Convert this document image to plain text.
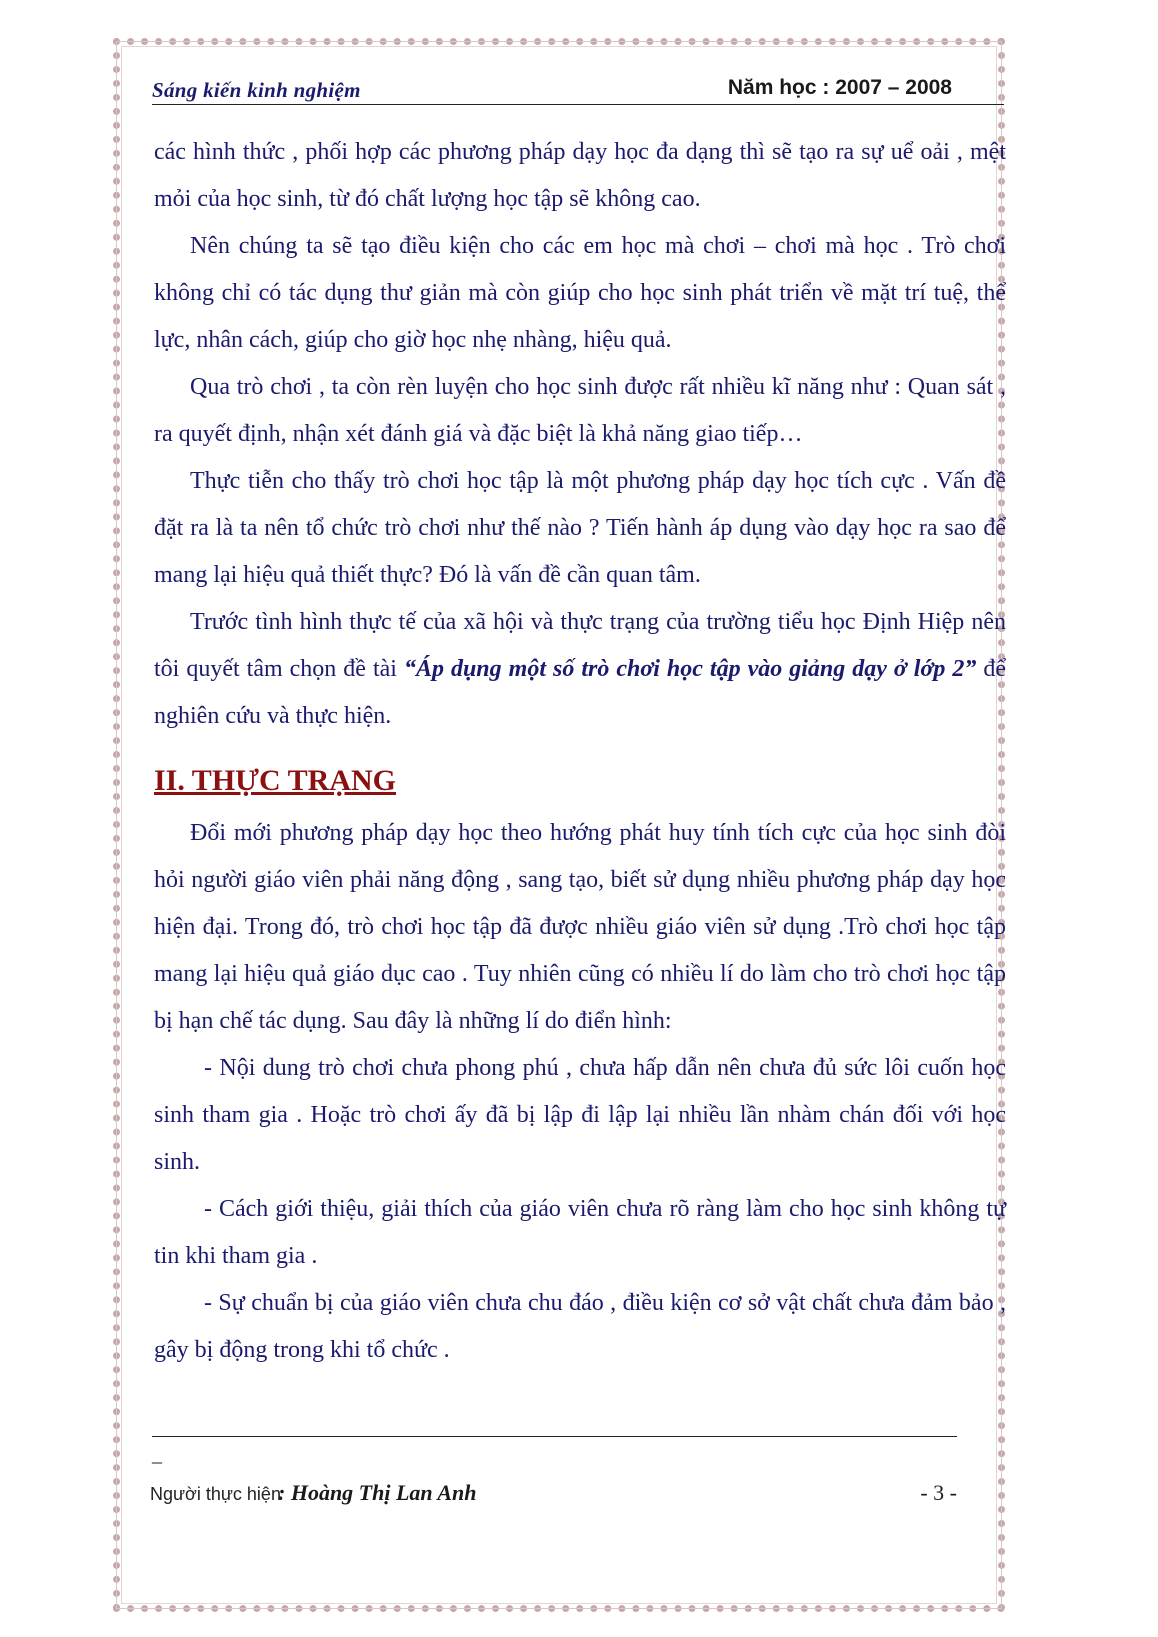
Sáng kiến kinh nghiệm	Năm học : 2007 – 2008

các hình thức , phối hợp các phương pháp dạy học đa dạng thì sẽ tạo ra sự uể oải , mệt mỏi của học sinh, từ đó chất lượng học tập sẽ không cao.

Nên chúng ta sẽ tạo điều kiện cho các em học mà chơi – chơi mà học . Trò chơi không chỉ có tác dụng thư giản mà còn giúp cho học sinh phát triển về mặt trí tuệ, thể lực, nhân cách, giúp cho giờ học nhẹ nhàng, hiệu quả.

Qua trò chơi , ta còn rèn luyện cho học sinh được rất nhiều kĩ năng như : Quan sát , ra quyết định, nhận xét đánh giá và đặc biệt là khả năng giao tiếp…

Thực tiễn cho thấy trò chơi học tập là một phương pháp dạy học tích cực . Vấn đề đặt ra là ta nên tổ chức trò chơi như thế nào ? Tiến hành áp dụng vào dạy học ra sao để mang lại hiệu quả thiết thực? Đó là vấn đề cần quan tâm.

Trước tình hình thực tế của xã hội và thực trạng của trường tiểu học Định Hiệp nên tôi quyết tâm chọn đề tài “Áp dụng một số trò chơi học tập vào giảng dạy ở lớp 2” để nghiên cứu và thực hiện.

II. THỰC TRẠNG

Đổi mới phương pháp dạy học theo hướng phát huy tính tích cực của học sinh đòi hỏi người giáo viên phải năng động , sang tạo, biết sử dụng nhiều phương pháp dạy học hiện đại. Trong đó, trò chơi học tập đã được nhiều giáo viên sử dụng .Trò chơi học tập mang lại hiệu quả giáo dục cao . Tuy nhiên cũng có nhiều lí do làm cho trò chơi học tập bị hạn chế tác dụng. Sau đây là những lí do điển hình:

- Nội dung trò chơi chưa phong phú , chưa hấp dẫn nên chưa đủ sức lôi cuốn học sinh tham gia . Hoặc trò chơi ấy đã bị lập đi lập lại nhiều lần nhàm chán đối với học sinh.

- Cách giới thiệu, giải thích của giáo viên chưa rõ ràng làm cho học sinh không tự tin khi tham gia .

- Sự chuẩn bị của giáo viên chưa chu đáo , điều kiện cơ sở vật chất chưa đảm bảo , gây bị động trong khi tổ chức .

_
Người thực hiện
: Hoàng Thị Lan Anh	- 3 -
